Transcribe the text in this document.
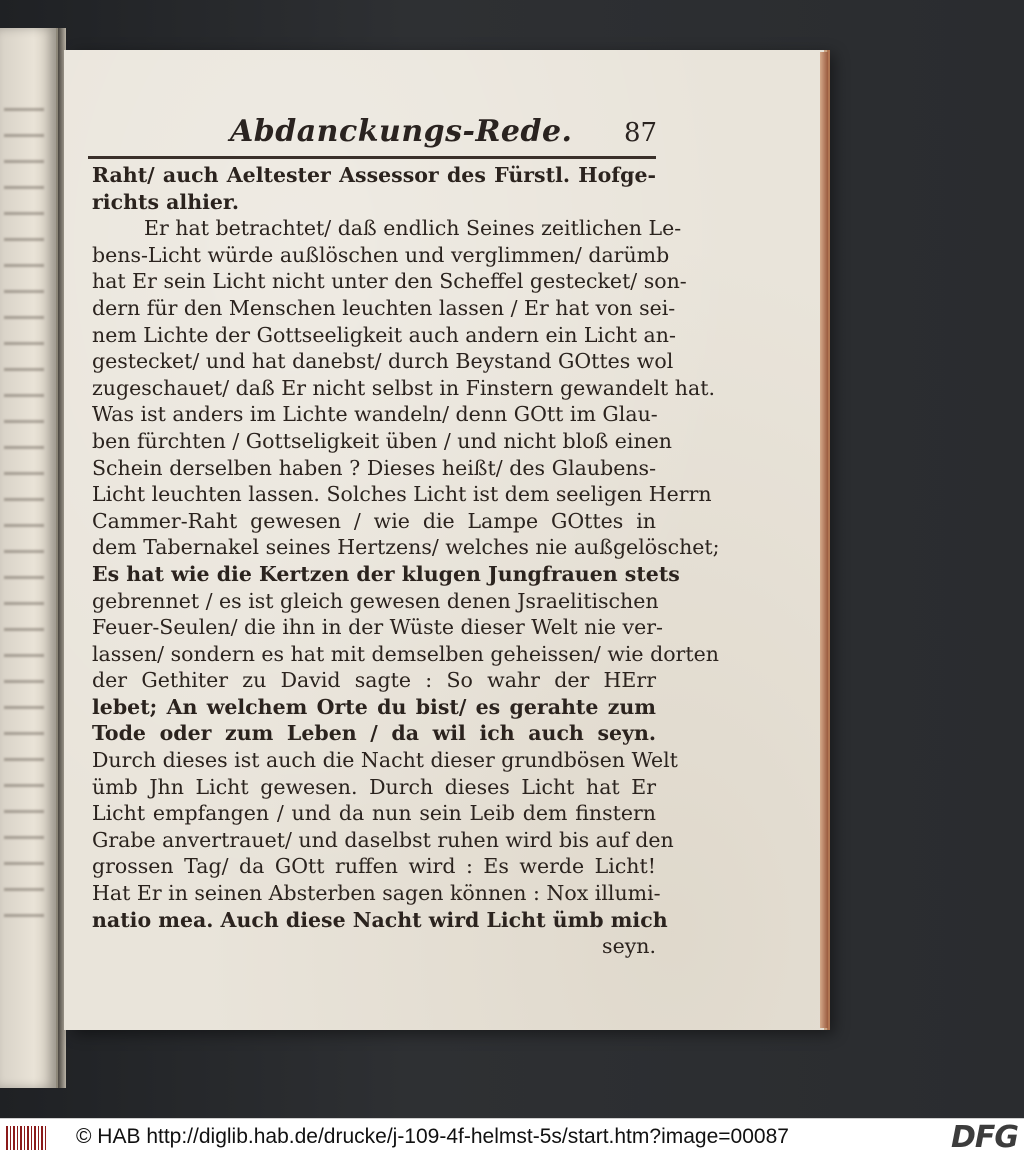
Abdanckungs-Rede. 87
Raht/ auch Aeltester Assessor des Fürstl. Hofge-
richts alhier.
Er hat betrachtet/ daß endlich Seines zeitlichen Le-
bens-Licht würde außlöschen und verglimmen/ darümb
hat Er sein Licht nicht unter den Scheffel gestecket/ son-
dern für den Menschen leuchten lassen / Er hat von sei-
nem Lichte der Gottseeligkeit auch andern ein Licht an-
gestecket/ und hat danebst/ durch Beystand GOttes wol
zugeschauet/ daß Er nicht selbst in Finstern gewandelt hat.
Was ist anders im Lichte wandeln/ denn GOtt im Glau-
ben fürchten / Gottseligkeit üben / und nicht bloß einen
Schein derselben haben ? Dieses heißt/ des Glaubens-
Licht leuchten lassen. Solches Licht ist dem seeligen Herrn
Cammer-Raht gewesen / wie die Lampe GOttes in
dem Tabernakel seines Hertzens/ welches nie außgelöschet;
Es hat wie die Kertzen der klugen Jungfrauen stets
gebrennet / es ist gleich gewesen denen Jsraelitischen
Feuer-Seulen/ die ihn in der Wüste dieser Welt nie ver-
lassen/ sondern es hat mit demselben geheissen/ wie dorten
der Gethiter zu David sagte : So wahr der HErr
lebet; An welchem Orte du bist/ es gerahte zum
Tode oder zum Leben / da wil ich auch seyn.
Durch dieses ist auch die Nacht dieser grundbösen Welt
ümb Jhn Licht gewesen. Durch dieses Licht hat Er
Licht empfangen / und da nun sein Leib dem finstern
Grabe anvertrauet/ und daselbst ruhen wird bis auf den
grossen Tag/ da GOtt ruffen wird : Es werde Licht!
Hat Er in seinen Absterben sagen können : Nox illumi-
natio mea. Auch diese Nacht wird Licht ümb mich
seyn.
© HAB http://diglib.hab.de/drucke/j-109-4f-helmst-5s/start.htm?image=00087	DFG
